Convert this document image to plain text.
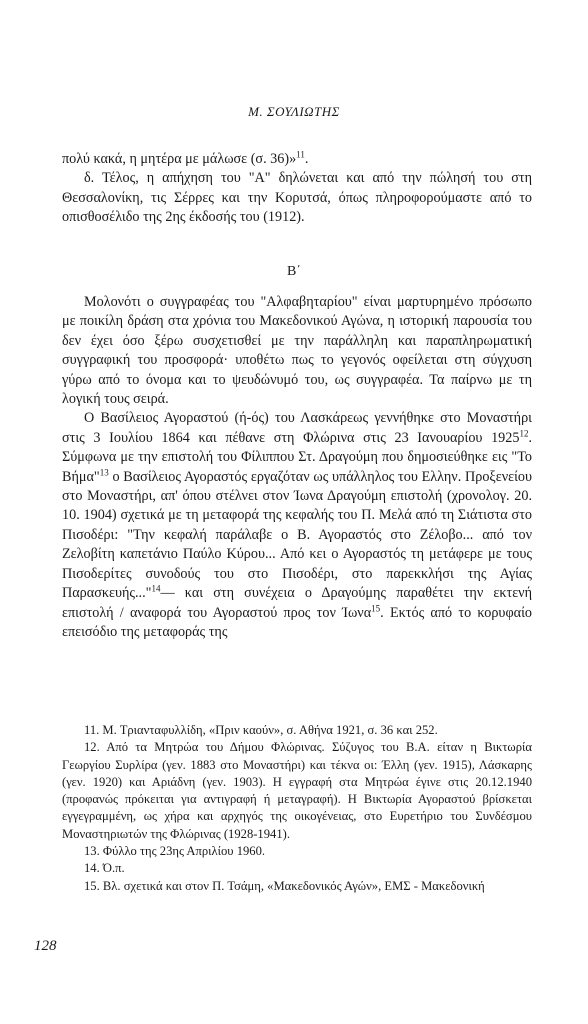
Μ. ΣΟΥΛΙΩΤΗΣ

πολύ κακά, η μητέρα με μάλωσε (σ. 36)»$^{11}$.

δ. Τέλος, η απήχηση του "Α" δηλώνεται και από την πώλησή του στη Θεσσαλονίκη, τις Σέρρες και την Κορυτσά, όπως πληροφορούμαστε από το οπισθοσέλιδο της 2ης έκδοσής του (1912).

Β΄

Μολονότι ο συγγραφέας του "Αλφαβηταρίου" είναι μαρτυρημένο πρόσωπο με ποικίλη δράση στα χρόνια του Μακεδονικού Αγώνα, η ιστορική παρουσία του δεν έχει όσο ξέρω συσχετισθεί με την παράλληλη και παραπληρωματική συγγραφική του προσφορά· υποθέτω πως το γεγονός οφείλεται στη σύγχυση γύρω από το όνομα και το ψευδώνυμό του, ως συγγραφέα. Τα παίρνω με τη λογική τους σειρά.

Ο Βασίλειος Αγοραστού (ή-ός) του Λασκάρεως γεννήθηκε στο Μοναστήρι στις 3 Ιουλίου 1864 και πέθανε στη Φλώρινα στις 23 Ιανουαρίου 1925$^{12}$. Σύμφωνα με την επιστολή του Φίλιππου Στ. Δραγούμη που δημοσιεύθηκε εις "Το Βήμα"$^{13}$ ο Βασίλειος Αγοραστός εργαζόταν ως υπάλληλος του Ελλην. Προξενείου στο Μοναστήρι, απ' όπου στέλνει στον Ίωνα Δραγούμη επιστολή (χρονολογ. 20. 10. 1904) σχετικά με τη μεταφορά της κεφαλής του Π. Μελά από τη Σιάτιστα στο Πισοδέρι: "Την κεφαλή παράλαβε ο Β. Αγοραστός στο Ζέλοβο... από τον Ζελοβίτη καπετάνιο Παύλο Κύρου... Από κει ο Αγοραστός τη μετάφερε με τους Πισοδερίτες συνοδούς του στο Πισοδέρι, στο παρεκκλήσι της Αγίας Παρασκευής..."$^{14}$— και στη συνέχεια ο Δραγούμης παραθέτει την εκτενή επιστολή / αναφορά του Αγοραστού προς τον Ίωνα$^{15}$. Εκτός από το κορυφαίο επεισόδιο της μεταφοράς της

11. Μ. Τριανταφυλλίδη, «Πριν καούν», σ. Αθήνα 1921, σ. 36 και 252.

12. Από τα Μητρώα του Δήμου Φλώρινας. Σύζυγος του Β.Α. είταν η Βικτωρία Γεωργίου Συρλίρα (γεν. 1883 στο Μοναστήρι) και τέκνα οι: Έλλη (γεν. 1915), Λάσκαρης (γεν. 1920) και Αριάδνη (γεν. 1903). Η εγγραφή στα Μητρώα έγινε στις 20.12.1940 (προφανώς πρόκειται για αντιγραφή ή μεταγραφή). Η Βικτωρία Αγοραστού βρίσκεται εγγεγραμμένη, ως χήρα και αρχηγός της οικογένειας, στο Ευρετήριο του Συνδέσμου Μοναστηριωτών της Φλώρινας (1928-1941).

13. Φύλλο της 23ης Απριλίου 1960.

14. Ό.π.

15. Βλ. σχετικά και στον Π. Τσάμη, «Μακεδονικός Αγών», ΕΜΣ - Μακεδονική

128
